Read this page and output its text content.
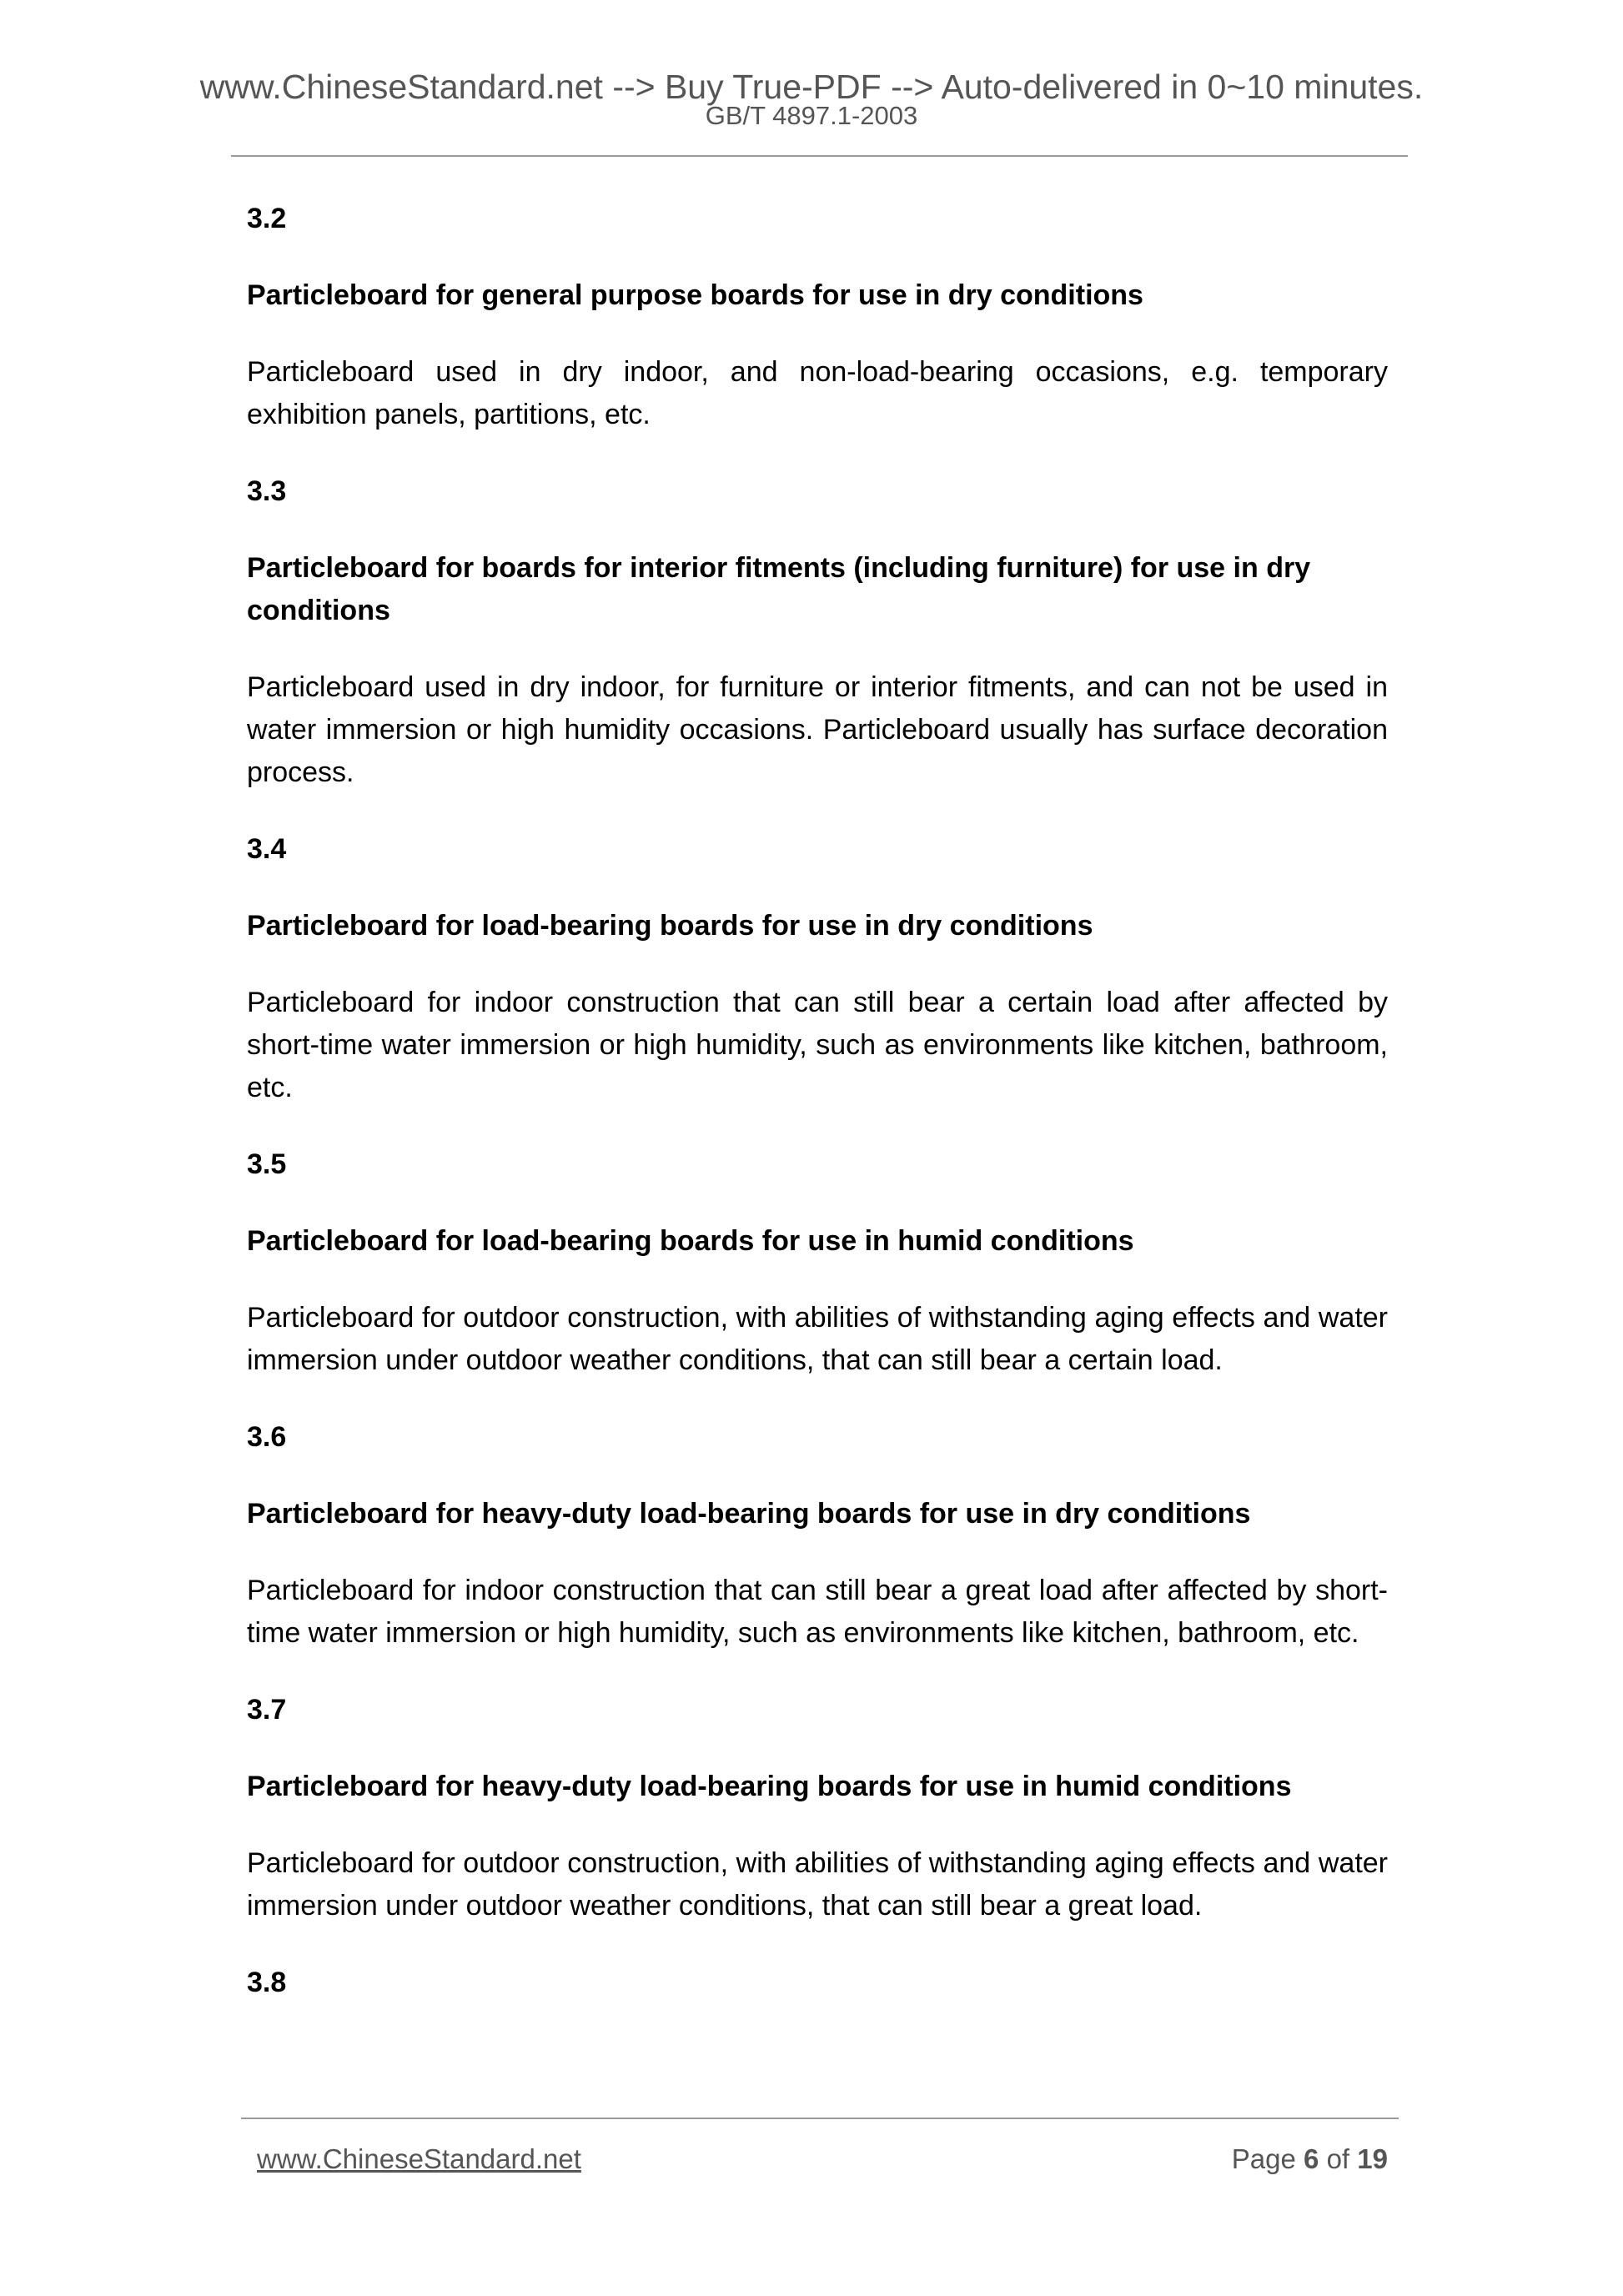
www.ChineseStandard.net --> Buy True-PDF --> Auto-delivered in 0~10 minutes.
GB/T 4897.1-2003
3.2
Particleboard for general purpose boards for use in dry conditions
Particleboard used in dry indoor, and non-load-bearing occasions, e.g. temporary exhibition panels, partitions, etc.
3.3
Particleboard for boards for interior fitments (including furniture) for use in dry conditions
Particleboard used in dry indoor, for furniture or interior fitments, and can not be used in water immersion or high humidity occasions. Particleboard usually has surface decoration process.
3.4
Particleboard for load-bearing boards for use in dry conditions
Particleboard for indoor construction that can still bear a certain load after affected by short-time water immersion or high humidity, such as environments like kitchen, bathroom, etc.
3.5
Particleboard for load-bearing boards for use in humid conditions
Particleboard for outdoor construction, with abilities of withstanding aging effects and water immersion under outdoor weather conditions, that can still bear a certain load.
3.6
Particleboard for heavy-duty load-bearing boards for use in dry conditions
Particleboard for indoor construction that can still bear a great load after affected by short-time water immersion or high humidity, such as environments like kitchen, bathroom, etc.
3.7
Particleboard for heavy-duty load-bearing boards for use in humid conditions
Particleboard for outdoor construction, with abilities of withstanding aging effects and water immersion under outdoor weather conditions, that can still bear a great load.
3.8
www.ChineseStandard.net	Page 6 of 19
